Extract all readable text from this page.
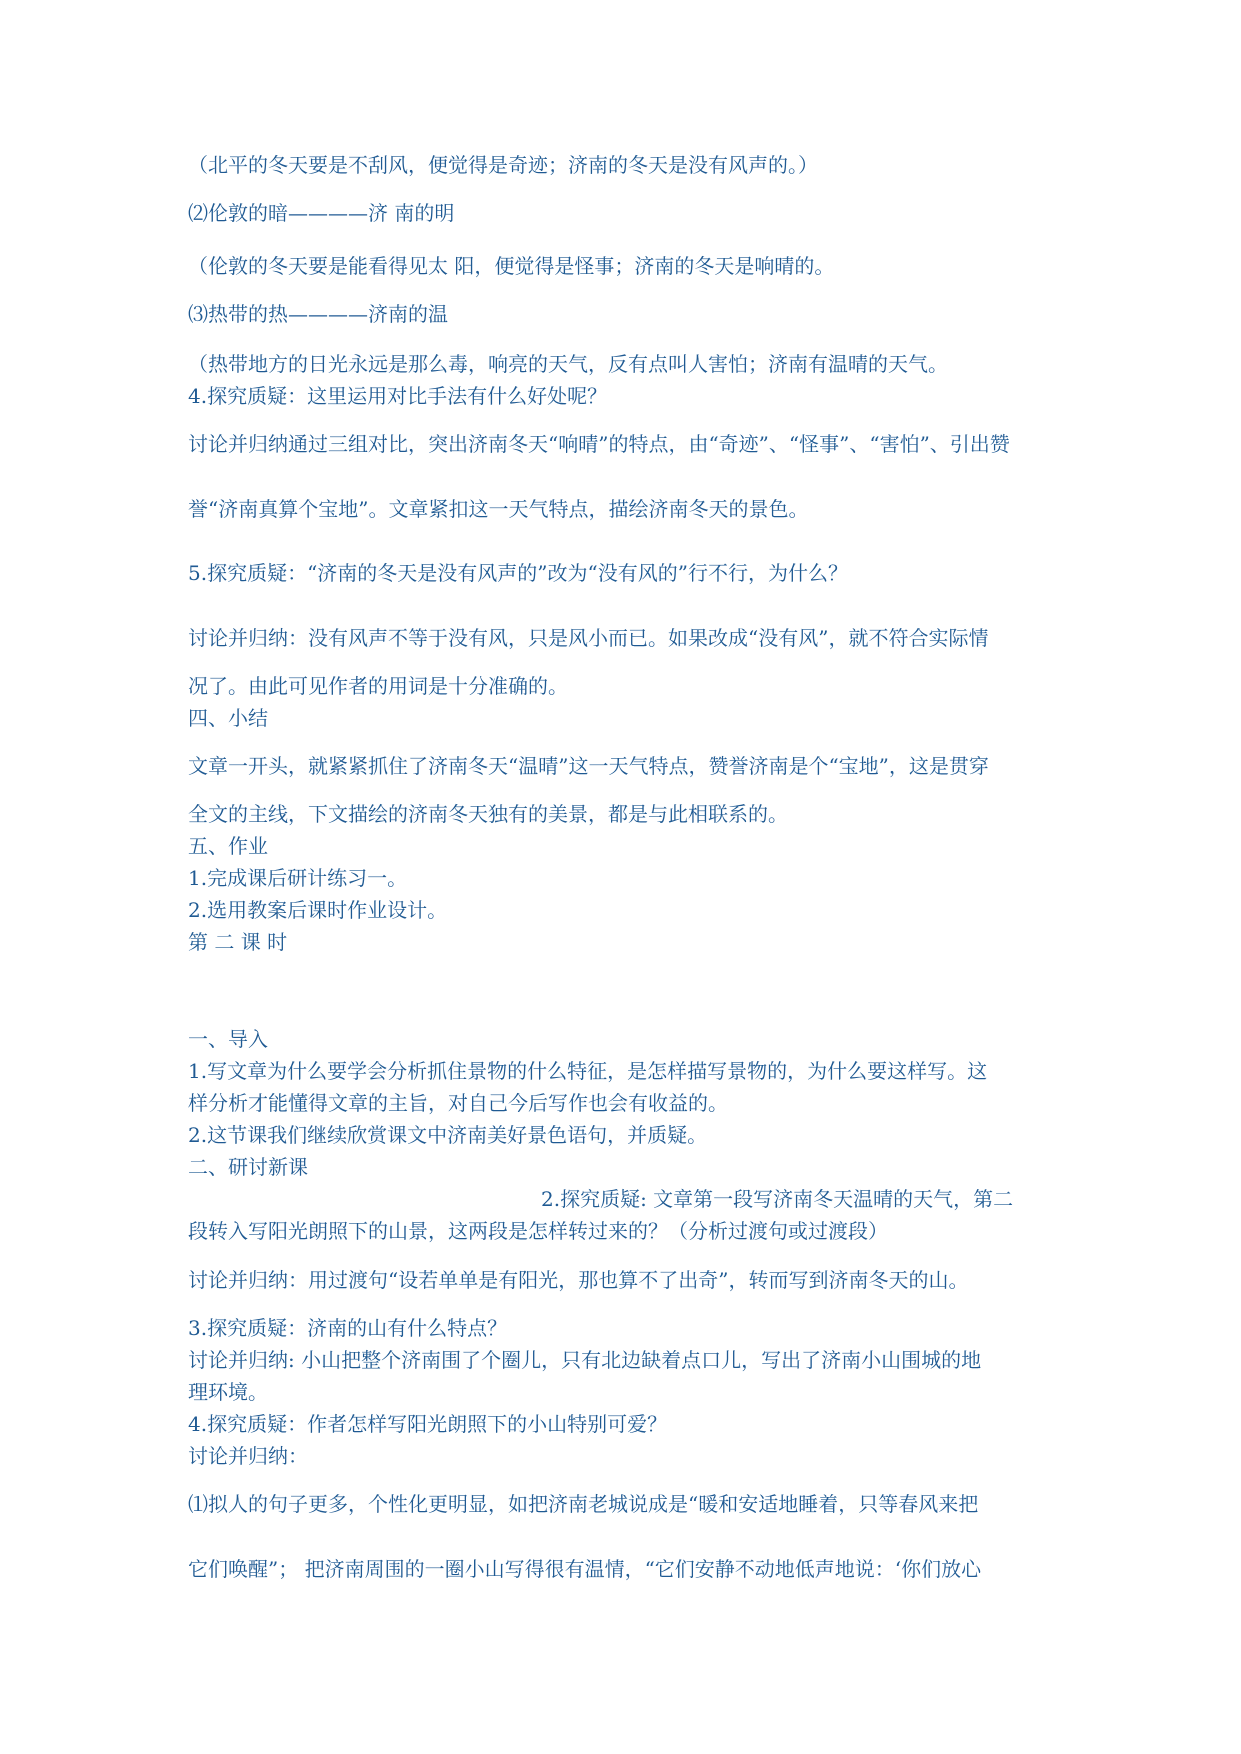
（北平的冬天要是不刮风，便觉得是奇迹；济南的冬天是没有风声的。）
⑵伦敦的暗————济 南的明
（伦敦的冬天要是能看得见太 阳，便觉得是怪事；济南的冬天是响晴的。
⑶热带的热————济南的温
（热带地方的日光永远是那么毒，响亮的天气，反有点叫人害怕；济南有温晴的天气。
4.探究质疑：这里运用对比手法有什么好处呢？
讨论并归纳通过三组对比，突出济南冬天“响晴”的特点，由“奇迹”、“怪事”、“害怕”、引出赞
誉“济南真算个宝地”。文章紧扣这一天气特点，描绘济南冬天的景色。
5.探究质疑：“济南的冬天是没有风声的”改为“没有风的”行不行，为什么？
讨论并归纳：没有风声不等于没有风，只是风小而已。如果改成“没有风”，就不符合实际情
况了。由此可见作者的用词是十分准确的。
四、小结
文章一开头，就紧紧抓住了济南冬天“温晴”这一天气特点，赞誉济南是个“宝地”，这是贯穿
全文的主线，下文描绘的济南冬天独有的美景，都是与此相联系的。
五、作业
1.完成课后研计练习一。
2.选用教案后课时作业设计。
第 二 课 时
一、导入
1.写文章为什么要学会分析抓住景物的什么特征，是怎样描写景物的，为什么要这样写。这
样分析才能懂得文章的主旨，对自己今后写作也会有收益的。
2.这节课我们继续欣赏课文中济南美好景色语句，并质疑。
二、研讨新课
2.探究质疑: 文章第一段写济南冬天温晴的天气，第二
段转入写阳光朗照下的山景，这两段是怎样转过来的？（分析过渡句或过渡段）
讨论并归纳：用过渡句“设若单单是有阳光，那也算不了出奇”，转而写到济南冬天的山。
3.探究质疑：济南的山有什么特点？
讨论并归纳: 小山把整个济南围了个圈儿，只有北边缺着点口儿，写出了济南小山围城的地
理环境。
4.探究质疑：作者怎样写阳光朗照下的小山特别可爱？
讨论并归纳：
⑴拟人的句子更多，个性化更明显，如把济南老城说成是“暖和安适地睡着，只等春风来把
它们唤醒”； 把济南周围的一圈小山写得很有温情，“它们安静不动地低声地说：‘你们放心
